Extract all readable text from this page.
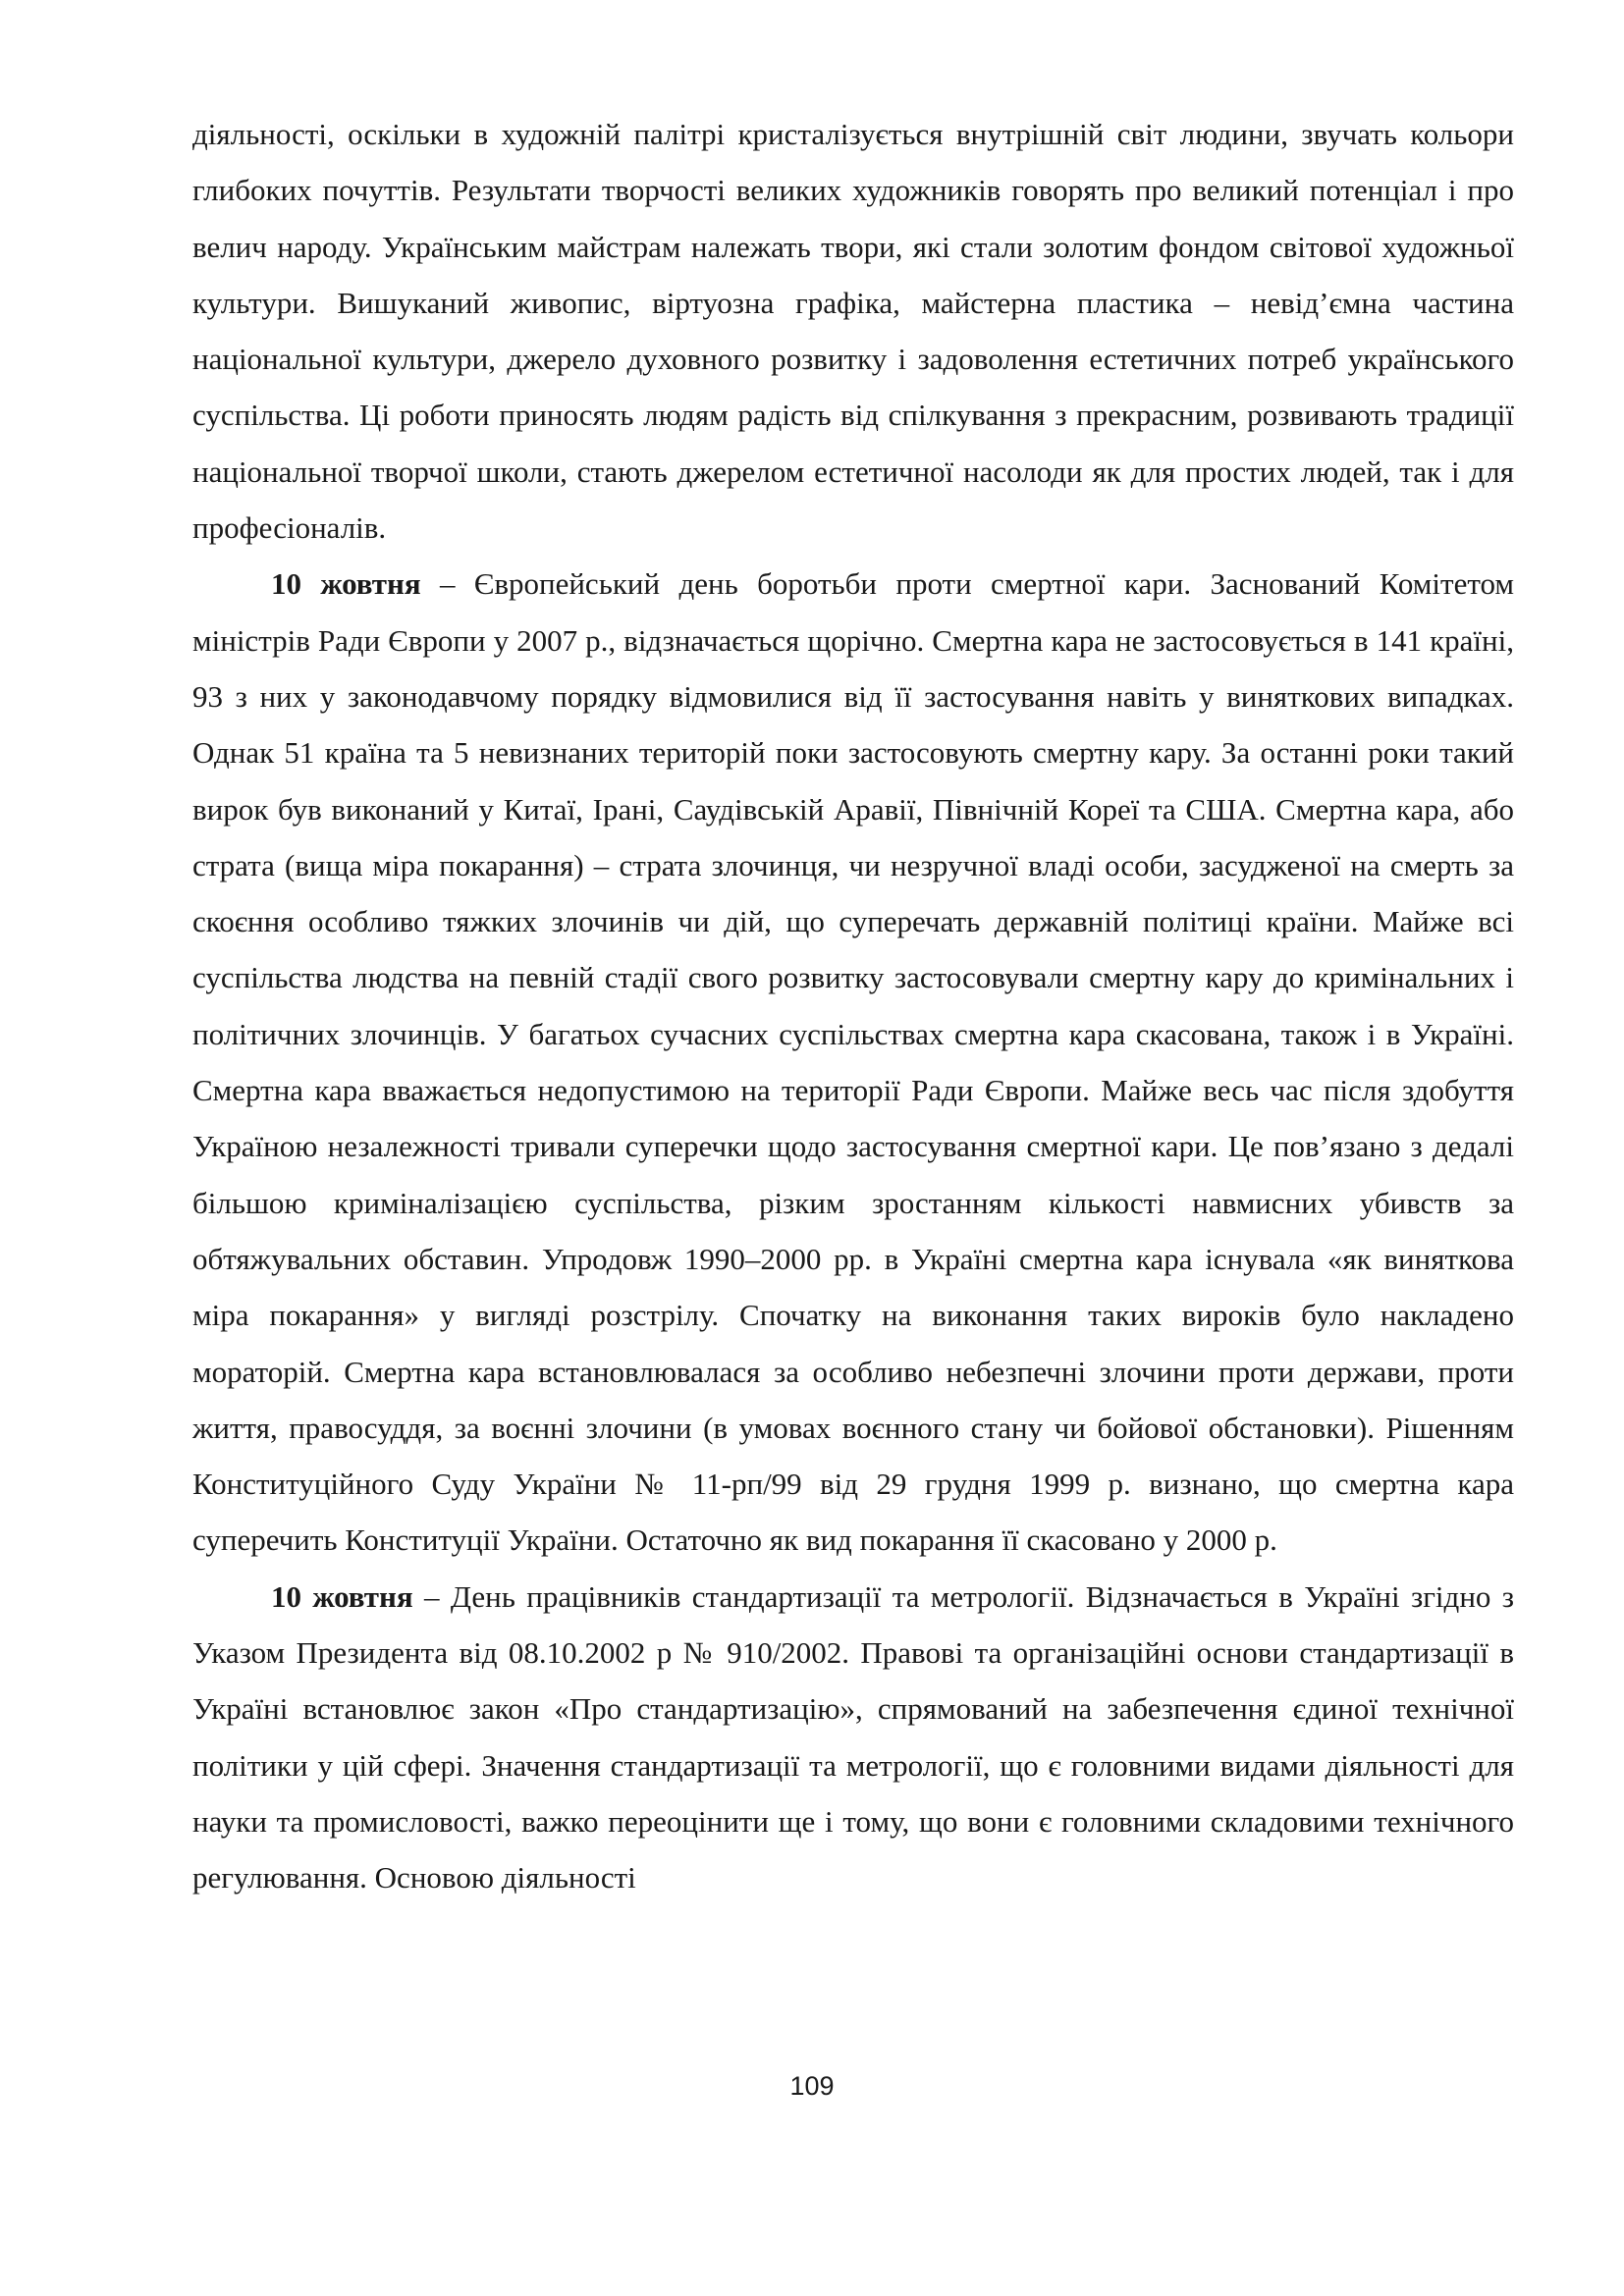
діяльності, оскільки в художній палітрі кристалізується внутрішній світ людини, звучать кольори глибоких почуттів. Результати творчості великих художників говорять про великий потенціал і про велич народу. Українським майстрам належать твори, які стали золотим фондом світової художньої культури. Вишуканий живопис, віртуозна графіка, майстерна пластика – невід’ємна частина національної культури, джерело духовного розвитку і задоволення естетичних потреб українського суспільства. Ці роботи приносять людям радість від спілкування з прекрасним, розвивають традиції національної творчої школи, стають джерелом естетичної насолоди як для простих людей, так і для професіоналів.

10 жовтня – Європейський день боротьби проти смертної кари. Заснований Комітетом міністрів Ради Європи у 2007 р., відзначається щорічно. Смертна кара не застосовується в 141 країні, 93 з них у законодавчому порядку відмовилися від її застосування навіть у виняткових випадках. Однак 51 країна та 5 невизнаних територій поки застосовують смертну кару. За останні роки такий вирок був виконаний у Китаї, Ірані, Саудівській Аравії, Північній Кореї та США. Смертна кара, або страта (вища міра покарання) – страта злочинця, чи незручної владі особи, засудженої на смерть за скоєння особливо тяжких злочинів чи дій, що суперечать державній політиці країни. Майже всі суспільства людства на певній стадії свого розвитку застосовували смертну кару до кримінальних і політичних злочинців. У багатьох сучасних суспільствах смертна кара скасована, також і в Україні. Смертна кара вважається недопустимою на території Ради Європи. Майже весь час після здобуття Україною незалежності тривали суперечки щодо застосування смертної кари. Це пов’язано з дедалі більшою криміналізацією суспільства, різким зростанням кількості навмисних убивств за обтяжувальних обставин. Упродовж 1990–2000 рр. в Україні смертна кара існувала «як виняткова міра покарання» у вигляді розстрілу. Спочатку на виконання таких вироків було накладено мораторій. Смертна кара встановлювалася за особливо небезпечні злочини проти держави, проти життя, правосуддя, за воєнні злочини (в умовах воєнного стану чи бойової обстановки). Рішенням Конституційного Суду України № 11-рп/99 від 29 грудня 1999 р. визнано, що смертна кара суперечить Конституції України. Остаточно як вид покарання її скасовано у 2000 р.

10 жовтня – День працівників стандартизації та метрології. Відзначається в Україні згідно з Указом Президента від 08.10.2002 р № 910/2002. Правові та організаційні основи стандартизації в Україні встановлює закон «Про стандартизацію», спрямований на забезпечення єдиної технічної політики у цій сфері. Значення стандартизації та метрології, що є головними видами діяльності для науки та промисловості, важко переоцінити ще і тому, що вони є головними складовими технічного регулювання. Основою діяльності

109
